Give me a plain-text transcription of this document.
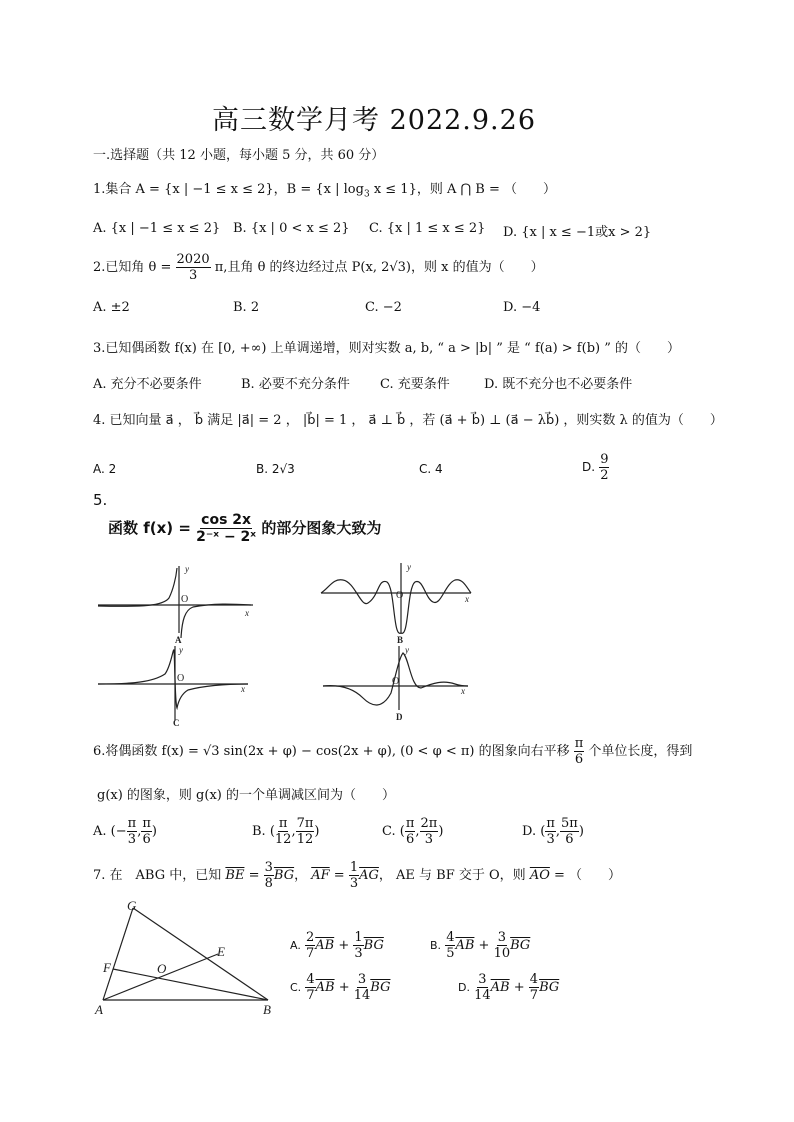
高三数学月考 2022.9.26
一.选择题（共 12 小题，每小题 5 分，共 60 分）
1.集合 A = {x | −1 ≤ x ≤ 2}，B = {x | $\log_3 x \le 1$}，则 A ⋂ B = （　　）
A. {x | −1 ≤ x ≤ 2} B. {x | 0 < x ≤ 2} C. {x | 1 ≤ x ≤ 2} D. {x | x ≤ −1或x > 2}
2.已知角 $\theta = \frac{2020}{3} \pi$,且角 θ 的终边经过点 P(x, 2√3)，则 x 的值为（　　）
A. ±2	B. 2	C. −2	D. −4
3.已知偶函数 f(x) 在 [0, +∞) 上单调递增，则对实数 a, b, “ a > |b| ” 是 “ f(a) > f(b) ” 的（　　）
A. 充分不必要条件	B. 必要不充分条件 C. 充要条件	D. 既不充分也不必要条件
4. 已知向量 a⃗ ， b⃗ 满足 |a⃗| = 2 ， |b⃗| = 1 ， a⃗ ⊥ b⃗ ，若 (a⃗ + b⃗) ⊥ (a⃗ − λb⃗) ，则实数 λ 的值为（　　）
A. 2	B. 2√3	C. 4	D. $\frac{9}{2}$
5.
函数 $f(x) = \frac{\cos 2x}{\text{2⁻ˣ − 2ˣ}}$ 的部分图象大致为
y
x
y
x
y
x
y
x
O	O
O	O
A	B
C
D
6.将偶函数 f(x) = √3 sin(2x + φ) − cos(2x + φ), (0 < φ < π) 的图象向右平移 $\frac{\pi}{6}$ 个单位长度，得到
g(x) 的图象，则 g(x) 的一个单调减区间为（　　）
A. (− $\frac{\pi}{3}$ , $\frac{\pi}{6}$ )	B. ( $\frac{\pi}{12}$ , $\frac{7\pi}{12}$ )	C. ( $\frac{\pi}{6}$ , $\frac{2\pi}{3}$ )	D. ( $\frac{\pi}{3}$ , $\frac{5\pi}{6}$ )
7. 在　ABG 中，已知 $\overline{BE} = \frac{3}{8} \overline{BG}$， $\overline{AF} = \frac{1}{3} \overline{AG}$， AE 与 BF 交于 O，则 $\overline{AO}$ = （　　）
G
E
F	O
A	B
A. $\frac{2}{7} \overline{AB} + \frac{1}{3} \overline{BG}$	B. $\frac{4}{5} \overline{AB} + \frac{3}{10} \overline{BG}$
C. $\frac{4}{7} \overline{AB} + \frac{3}{14} \overline{BG}$	D. $\frac{3}{14} \overline{AB} + \frac{4}{7} \overline{BG}$
